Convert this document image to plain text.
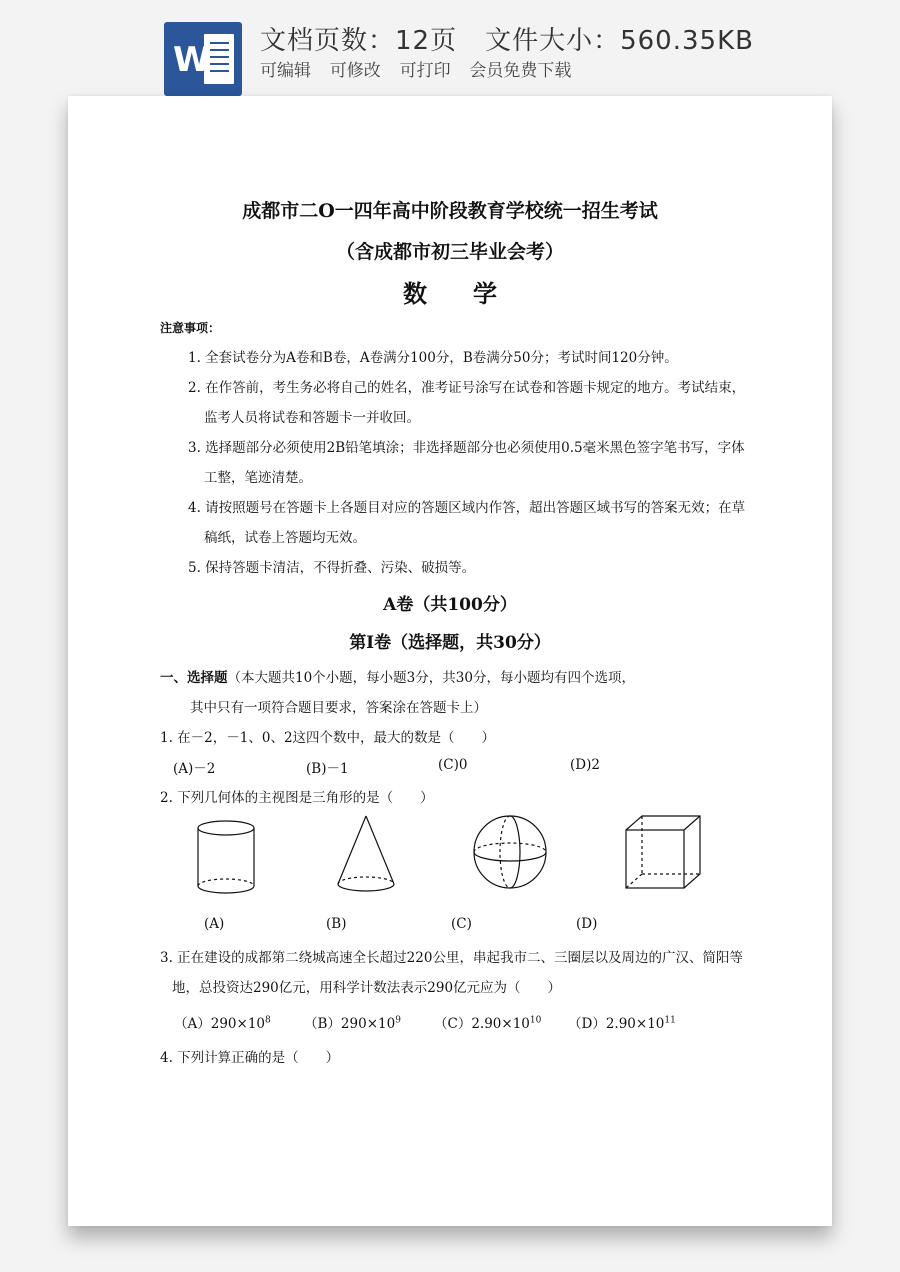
W 文档页数：12页 文件大小：560.35KB
可编辑  可修改  可打印  会员免费下载
成都市二O一四年高中阶段教育学校统一招生考试
（含成都市初三毕业会考）
数学
注意事项：
1. 全套试卷分为A卷和B卷，A卷满分100分，B卷满分50分；考试时间120分钟。
2. 在作答前，考生务必将自己的姓名，准考证号涂写在试卷和答题卡规定的地方。考试结束，
监考人员将试卷和答题卡一并收回。
3. 选择题部分必须使用2B铅笔填涂；非选择题部分也必须使用0.5毫米黑色签字笔书写，字体
工整，笔迹清楚。
4. 请按照题号在答题卡上各题目对应的答题区域内作答，超出答题区域书写的答案无效；在草
稿纸，试卷上答题均无效。
5. 保持答题卡清洁，不得折叠、污染、破损等。
A卷（共100分）
第I卷（选择题，共30分）
一、选择题（本大题共10个小题，每小题3分，共30分，每小题均有四个选项，
其中只有一项符合题目要求，答案涂在答题卡上）
1. 在－2，－1、0、2这四个数中，最大的数是（　　）
(A)－2	(B)－1	(C)0	(D)2
2. 下列几何体的主视图是三角形的是（　　）
(A)	(B)	(C)	(D)
3. 正在建设的成都第二绕城高速全长超过220公里，串起我市二、三圈层以及周边的广汉、简阳等
地，总投资达290亿元，用科学计数法表示290亿元应为（　　）
$(A)290\times 10^8$ $(B)290\times 10^9$ $(C)2.90\times 10^{10}$ $(D)2.90\times 10^{11}$
4. 下列计算正确的是（　　）
